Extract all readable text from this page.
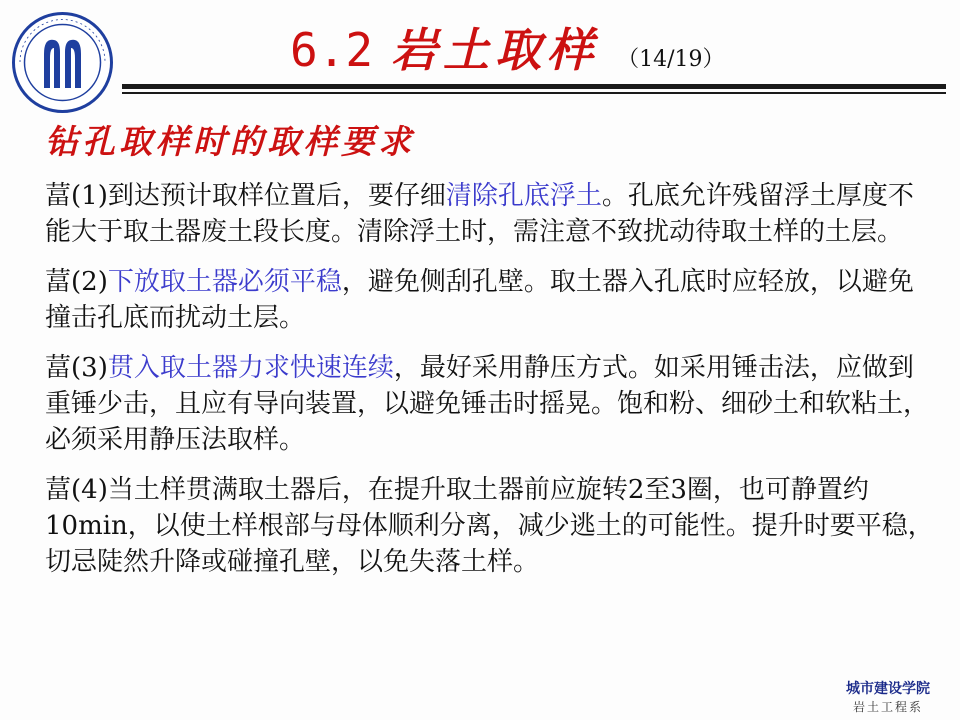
6.2 岩土取样 （14/19）
钻孔取样时的取样要求

葍(1)到达预计取样位置后，要仔细清除孔底浮土。孔底允许残留浮土厚度不能大于取土器废土段长度。清除浮土时，需注意不致扰动待取土样的土层。

葍(2)下放取土器必须平稳，避免侧刮孔壁。取土器入孔底时应轻放，以避免撞击孔底而扰动土层。

葍(3)贯入取土器力求快速连续，最好采用静压方式。如采用锤击法，应做到重锤少击，且应有导向装置，以避免锤击时摇晃。饱和粉、细砂土和软粘土，必须采用静压法取样。

葍(4)当土样贯满取土器后，在提升取土器前应旋转2至3圈，也可静置约10min，以使土样根部与母体顺利分离，减少逃土的可能性。提升时要平稳，切忌陡然升降或碰撞孔壁，以免失落土样。

城市建设学院
岩土工程系
